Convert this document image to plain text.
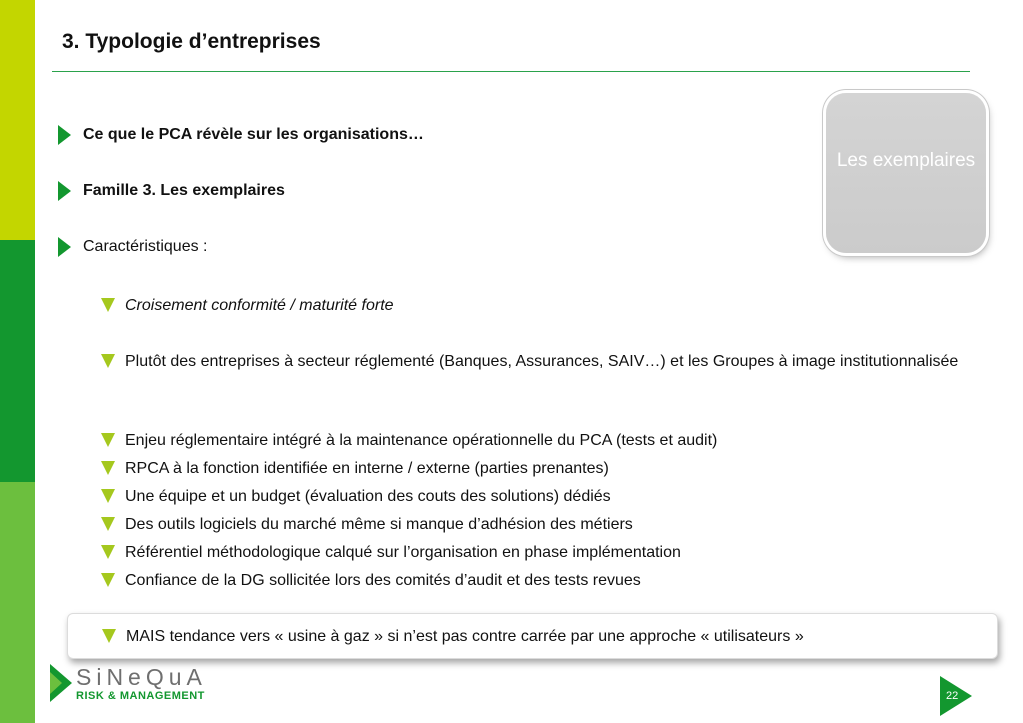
3. Typologie d’entreprises
Les exemplaires
Ce que le PCA révèle sur les organisations…
Famille 3. Les exemplaires
Caractéristiques :
Croisement conformité / maturité forte
Plutôt des entreprises à secteur réglementé (Banques, Assurances, SAIV…) et les Groupes à image institutionnalisée
Enjeu réglementaire intégré à la maintenance opérationnelle du PCA (tests et audit)
RPCA à la fonction identifiée en interne / externe (parties prenantes)
Une équipe et un budget (évaluation des couts des solutions) dédiés
Des outils logiciels du marché même si manque d’adhésion des métiers
Référentiel méthodologique calqué sur l’organisation en phase implémentation
Confiance de la DG sollicitée lors des comités d’audit et des tests revues
MAIS tendance vers « usine à gaz » si n’est pas contre carrée par une approche « utilisateurs »
SiNeQuA
RISK & MANAGEMENT	22
